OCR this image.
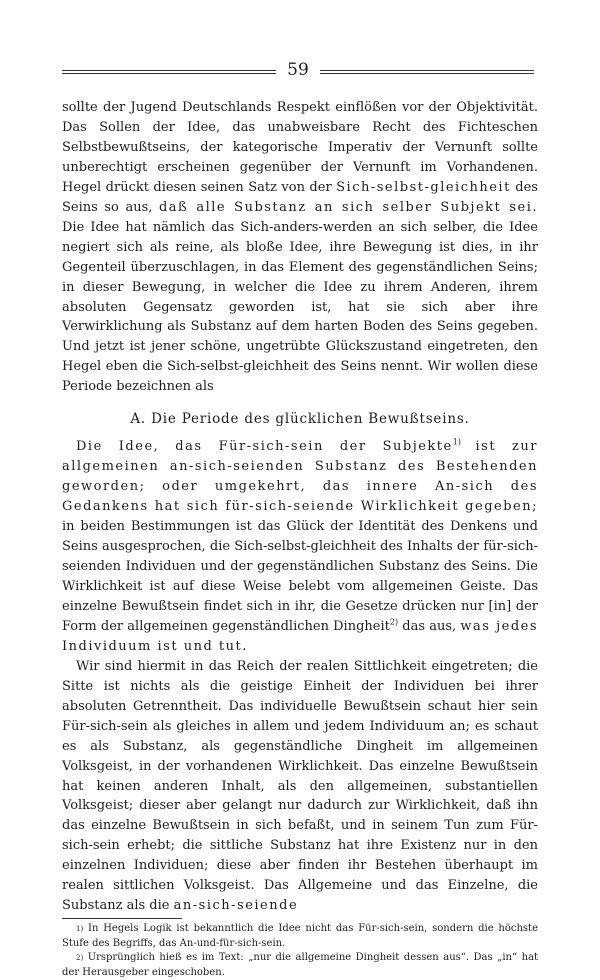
59

sollte der Jugend Deutschlands Respekt einflößen vor der Objektivität. Das Sollen der Idee, das unabweisbare Recht des Fichteschen Selbstbewußtseins, der kategorische Imperativ der Vernunft sollte unberechtigt erscheinen gegenüber der Vernunft im Vorhandenen. Hegel drückt diesen seinen Satz von der Sich-selbst-gleichheit des Seins so aus, daß alle Substanz an sich selber Subjekt sei. Die Idee hat nämlich das Sich-anders-werden an sich selber, die Idee negiert sich als reine, als bloße Idee, ihre Bewegung ist dies, in ihr Gegenteil überzuschlagen, in das Element des gegenständlichen Seins; in dieser Bewegung, in welcher die Idee zu ihrem Anderen, ihrem absoluten Gegensatz geworden ist, hat sie sich aber ihre Verwirklichung als Substanz auf dem harten Boden des Seins gegeben. Und jetzt ist jener schöne, ungetrübte Glückszustand eingetreten, den Hegel eben die Sich-selbst-gleichheit des Seins nennt. Wir wollen diese Periode bezeichnen als

A. Die Periode des glücklichen Bewußtseins.

Die Idee, das Für-sich-sein der Subjekte$^{1)}$ ist zur allgemeinen an-sich-seienden Substanz des Bestehenden geworden; oder umgekehrt, das innere An-sich des Gedankens hat sich für-sich-seiende Wirklichkeit gegeben; in beiden Bestimmungen ist das Glück der Identität des Denkens und Seins ausgesprochen, die Sich-selbst-gleichheit des Inhalts der für-sich-seienden Individuen und der gegenständlichen Substanz des Seins. Die Wirklichkeit ist auf diese Weise belebt vom allgemeinen Geiste. Das einzelne Bewußtsein findet sich in ihr, die Gesetze drücken nur [in] der Form der allgemeinen gegenständlichen Dingheit$^{2)}$ das aus, was jedes Individuum ist und tut.

Wir sind hiermit in das Reich der realen Sittlichkeit eingetreten; die Sitte ist nichts als die geistige Einheit der Individuen bei ihrer absoluten Getrenntheit. Das individuelle Bewußtsein schaut hier sein Für-sich-sein als gleiches in allem und jedem Individuum an; es schaut es als Substanz, als gegenständliche Dingheit im allgemeinen Volksgeist, in der vorhandenen Wirklichkeit. Das einzelne Bewußtsein hat keinen anderen Inhalt, als den allgemeinen, substantiellen Volksgeist; dieser aber gelangt nur dadurch zur Wirklichkeit, daß ihn das einzelne Bewußtsein in sich befaßt, und in seinem Tun zum Für-sich-sein erhebt; die sittliche Substanz hat ihre Existenz nur in den einzelnen Individuen; diese aber finden ihr Bestehen überhaupt im realen sittlichen Volksgeist. Das Allgemeine und das Einzelne, die Substanz als die an-sich-seiende

$^{1)}$ In Hegels Logik ist bekanntlich die Idee nicht das Für-sich-sein, sondern die höchste Stufe des Begriffs, das An-und-für-sich-sein.

$^{2)}$ Ursprünglich hieß es im Text: „nur die allgemeine Dingheit dessen aus“. Das „in“ hat der Herausgeber eingeschoben.
